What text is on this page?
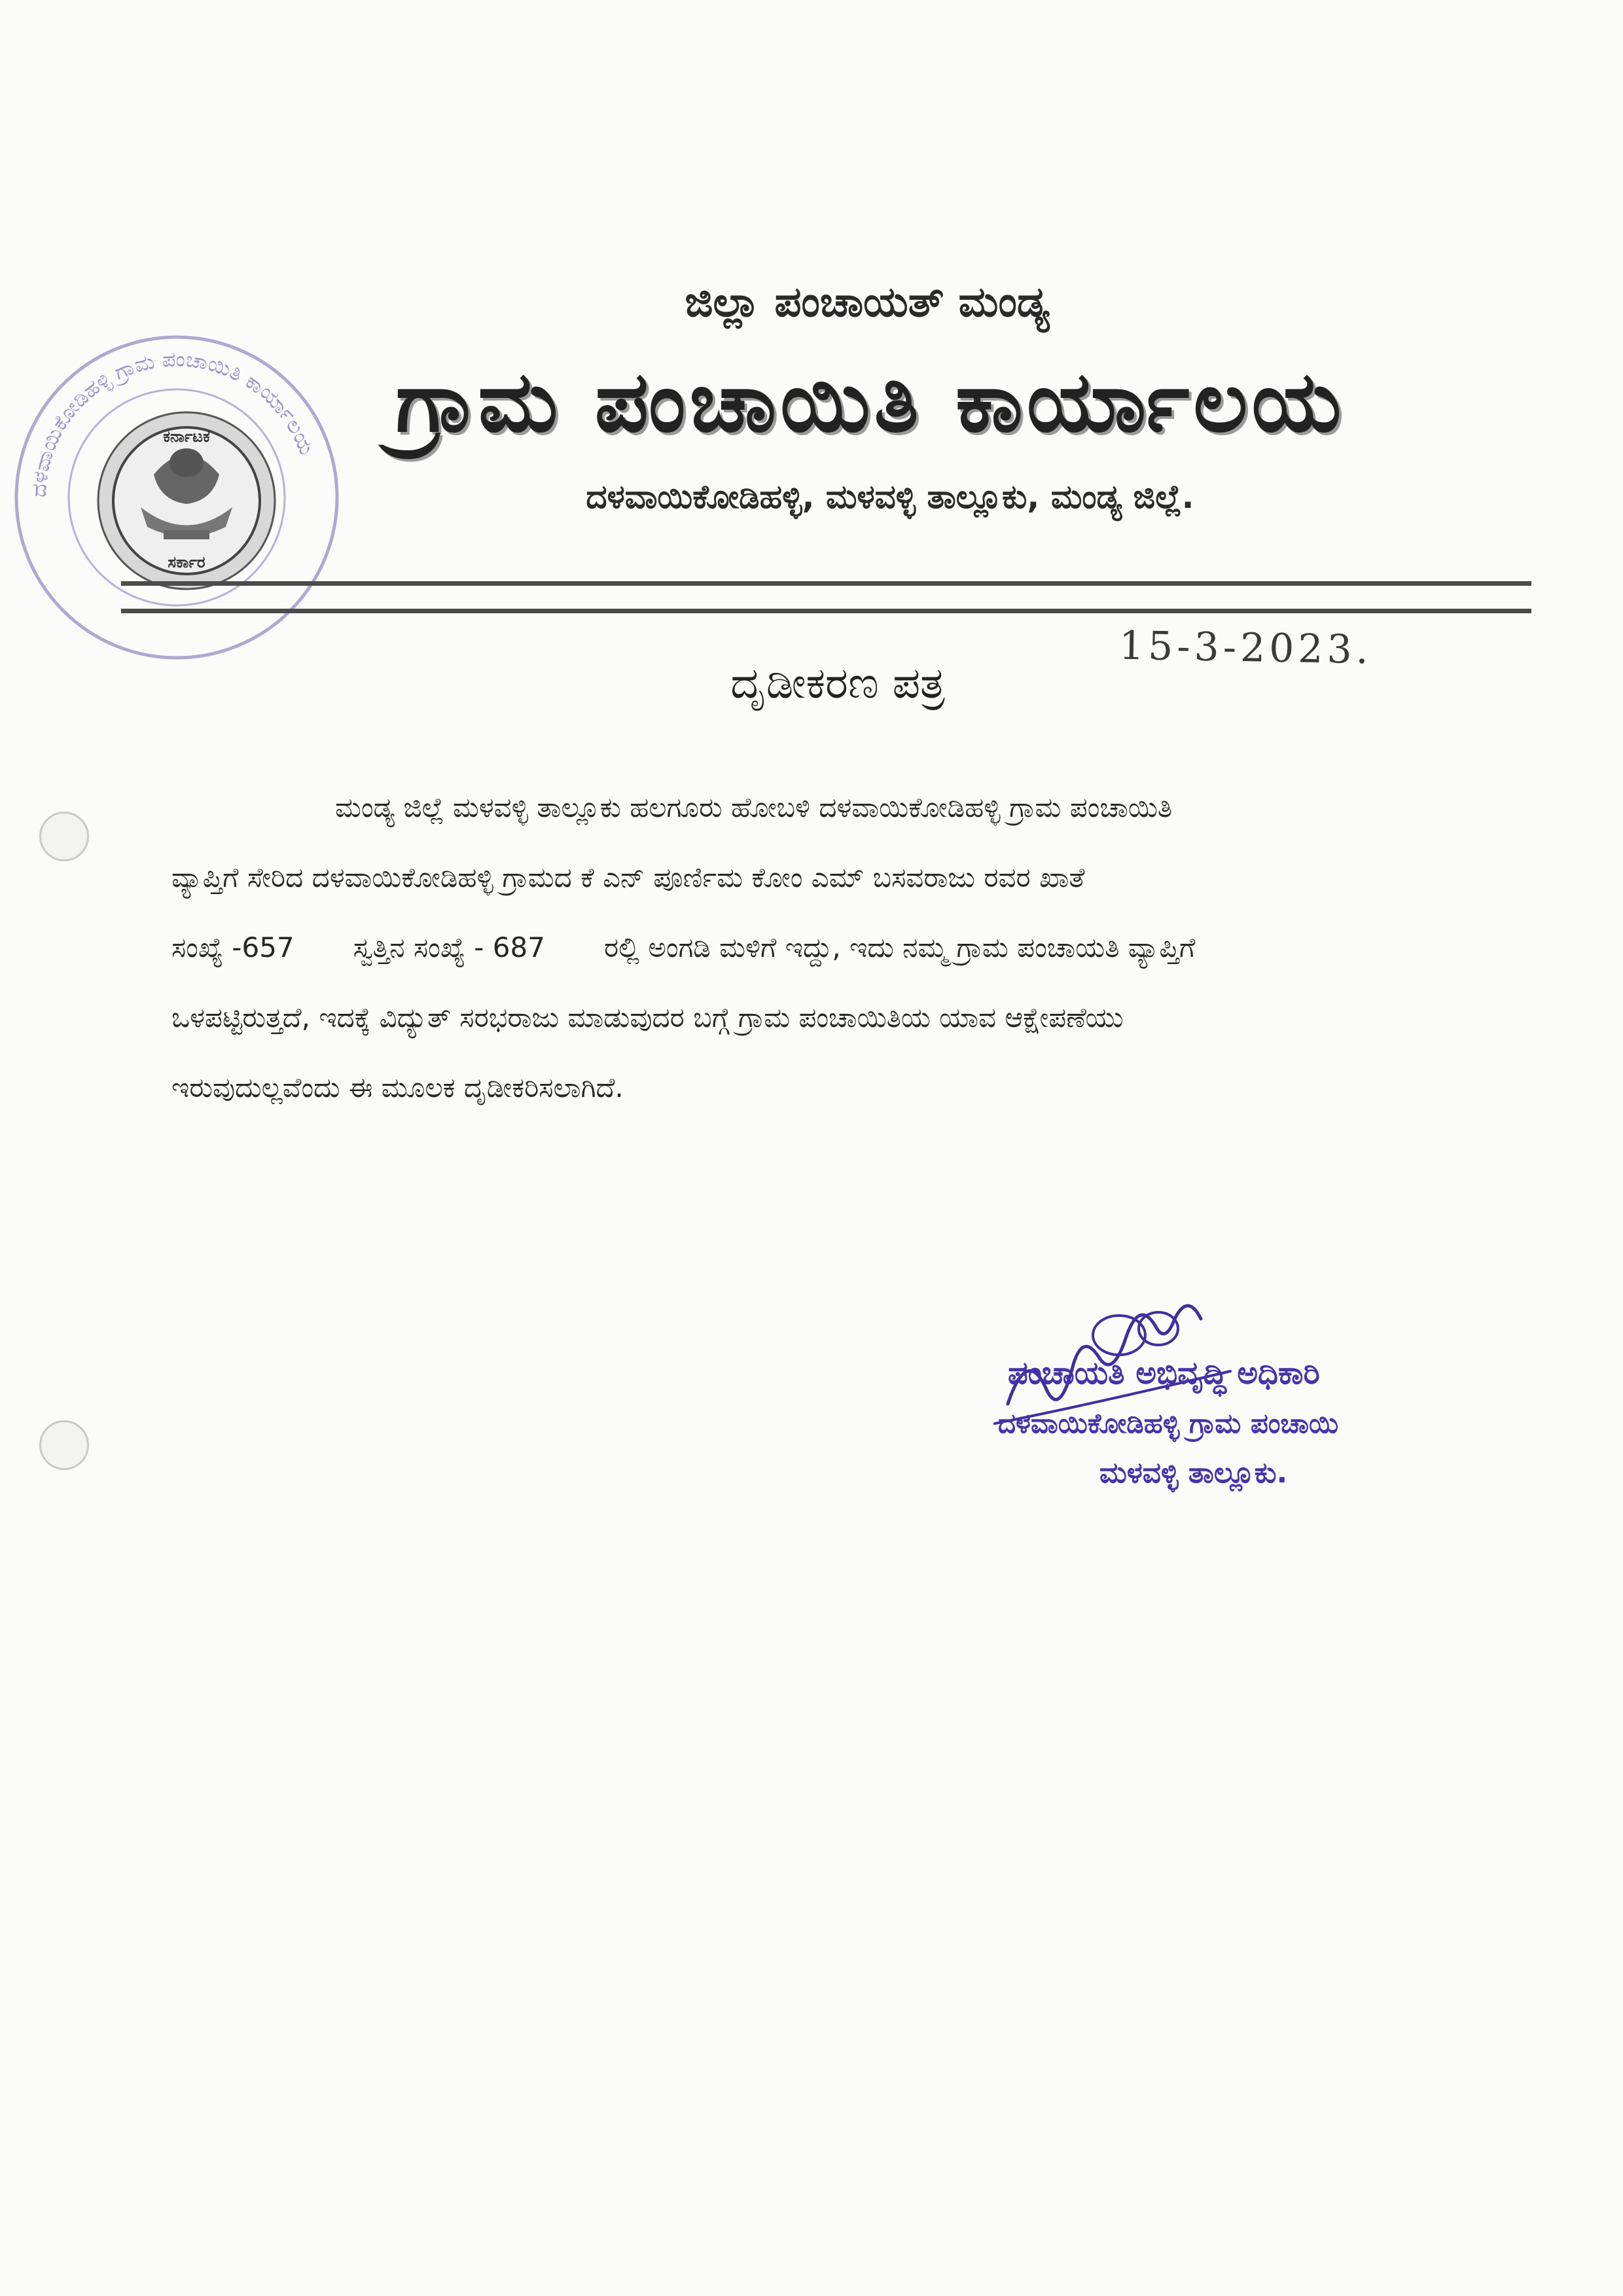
ದಳವಾಯಿಕೋಡಿಹಳ್ಳಿ ಗ್ರಾಮ ಪಂಚಾಯಿತಿ ಕಾರ್ಯಾಲಯ
ಕರ್ನಾಟಕ
ಸರ್ಕಾರ
ಜಿಲ್ಲಾ ಪಂಚಾಯತ್ ಮಂಡ್ಯ
ಗ್ರಾಮ ಪಂಚಾಯಿತಿ ಕಾರ್ಯಾಲಯ
ದಳವಾಯಿಕೋಡಿಹಳ್ಳಿ, ಮಳವಳ್ಳಿ ತಾಲ್ಲೂಕು, ಮಂಡ್ಯ ಜಿಲ್ಲೆ.
15-3-2023.
ದೃಡೀಕರಣ ಪತ್ರ
ಮಂಡ್ಯ ಜಿಲ್ಲೆ ಮಳವಳ್ಳಿ ತಾಲ್ಲೂಕು ಹಲಗೂರು ಹೋಬಳಿ ದಳವಾಯಿಕೋಡಿಹಳ್ಳಿ ಗ್ರಾಮ ಪಂಚಾಯಿತಿ
ವ್ಯಾಪ್ತಿಗೆ ಸೇರಿದ ದಳವಾಯಿಕೋಡಿಹಳ್ಳಿ ಗ್ರಾಮದ ಕೆ ಎನ್ ಪೂರ್ಣಿಮ ಕೋಂ ಎಮ್ ಬಸವರಾಜು ರವರ ಖಾತೆ
ಸಂಖ್ಯೆ -657 ಸ್ವತ್ತಿನ ಸಂಖ್ಯೆ - 687 ರಲ್ಲಿ ಅಂಗಡಿ ಮಳಿಗೆ ಇದ್ದು, ಇದು ನಮ್ಮ ಗ್ರಾಮ ಪಂಚಾಯತಿ ವ್ಯಾಪ್ತಿಗೆ
ಒಳಪಟ್ಟಿರುತ್ತದೆ, ಇದಕ್ಕೆ ವಿದ್ಯುತ್ ಸರಭರಾಜು ಮಾಡುವುದರ ಬಗ್ಗೆ ಗ್ರಾಮ ಪಂಚಾಯಿತಿಯ ಯಾವ ಆಕ್ಷೇಪಣೆಯು
ಇರುವುದುಲ್ಲವೆಂದು ಈ ಮೂಲಕ ದೃಡೀಕರಿಸಲಾಗಿದೆ.
ಪಂಚಾಯತಿ ಅಭಿವೃದ್ಧಿ ಅಧಿಕಾರಿ
ದಳವಾಯಿಕೋಡಿಹಳ್ಳಿ ಗ್ರಾಮ ಪಂಚಾಯಿ
ಮಳವಳ್ಳಿ ತಾಲ್ಲೂಕು.
